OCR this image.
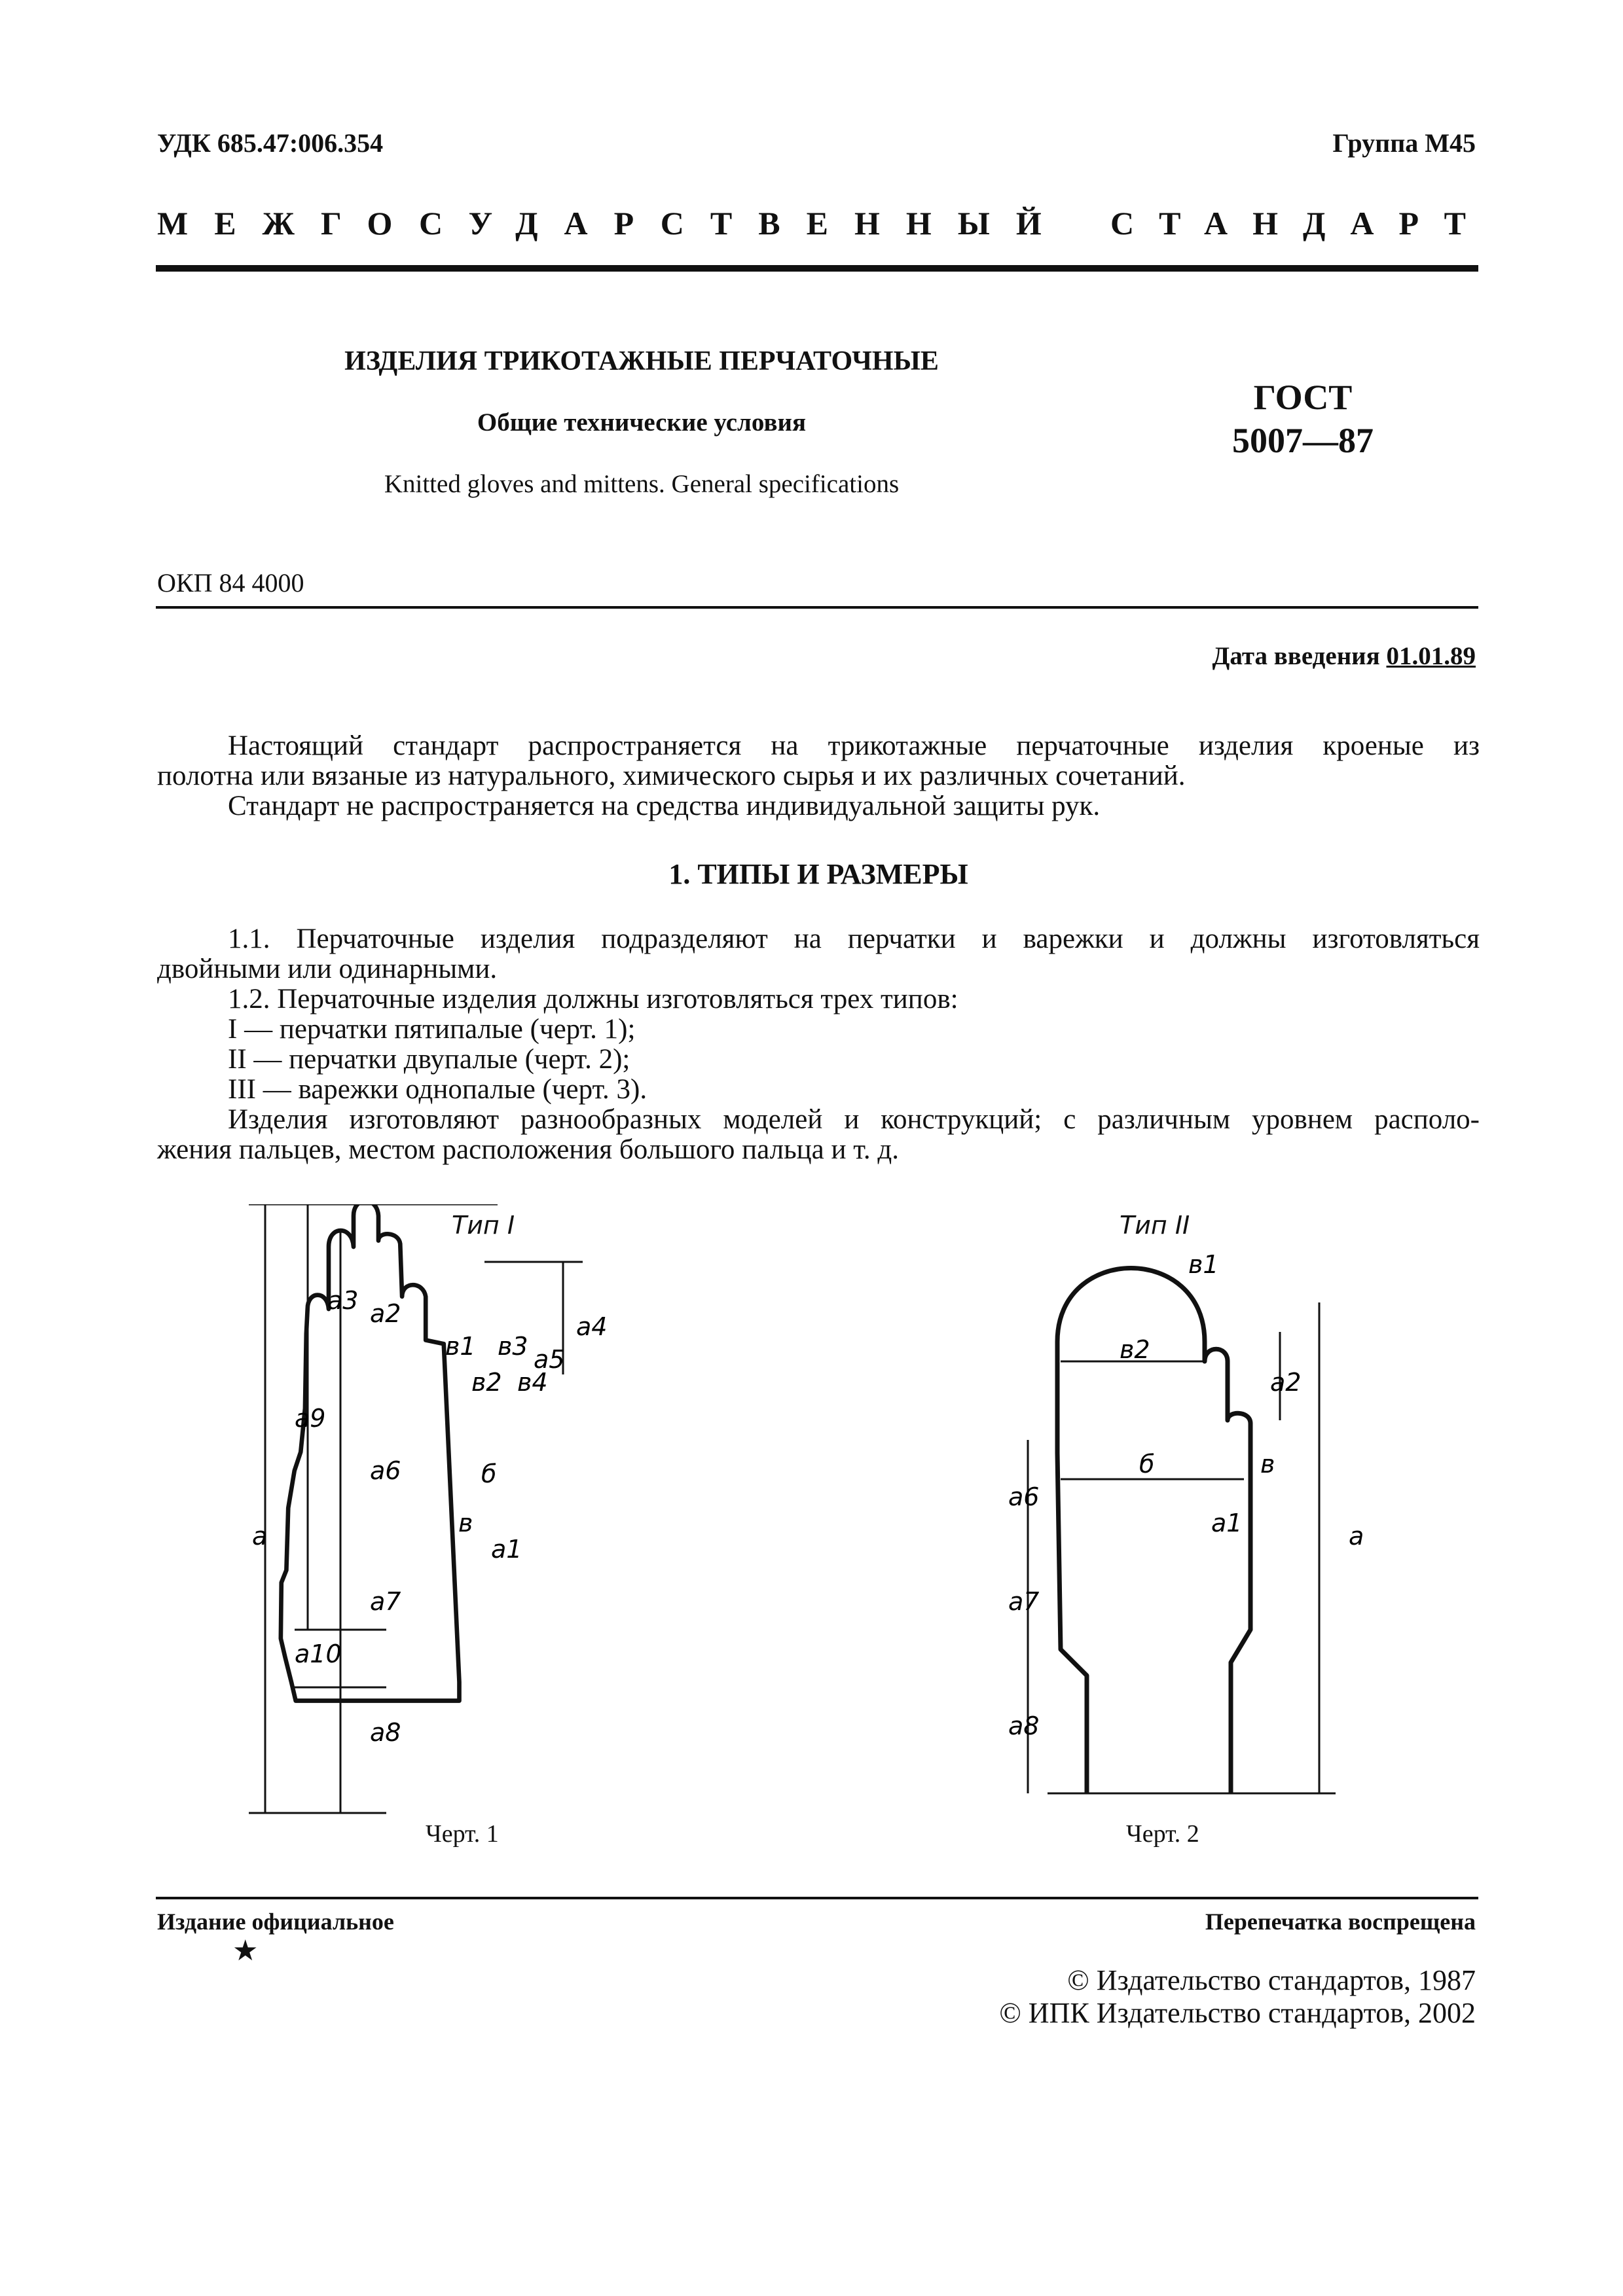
УДК 685.47:006.354	Группа М45
МЕЖГОСУДАРСТВЕННЫЙ СТАНДАРТ
ИЗДЕЛИЯ ТРИКОТАЖНЫЕ ПЕРЧАТОЧНЫЕ
Общие технические условия
Knitted gloves and mittens. General specifications
ГОСТ
5007—87
ОКП 84 4000
Дата введения 01.01.89

Настоящий стандарт распространяется на трикотажные перчаточные изделия кроеные из

полотна или вязаные из натурального, химического сырья и их различных сочетаний.

Стандарт не распространяется на средства индивидуальной защиты рук.

1. ТИПЫ И РАЗМЕРЫ

1.1. Перчаточные изделия подразделяют на перчатки и варежки и должны изготовляться

двойными или одинарными.

1.2. Перчаточные изделия должны изготовляться трех типов:

I — перчатки пятипалые (черт. 1);

II — перчатки двупалые (черт. 2);

III — варежки однопалые (черт. 3).

Изделия изготовляют разнообразных моделей и конструкций; с различным уровнем располо-

жения пальцев, местом расположения большого пальца и т. д.

a
a9
a3 a2
a6
a7
a10
a8
a4
a5
в1 в3
в2 в4
б
в
a1
Тип I
Черт. 1
в1
в2
a2
б	в
a1	a
a6
a7
a8
Тип II
Черт. 2
Издание официальное	Перепечатка воспрещена
★
© Издательство стандартов, 1987
© ИПК Издательство стандартов, 2002
